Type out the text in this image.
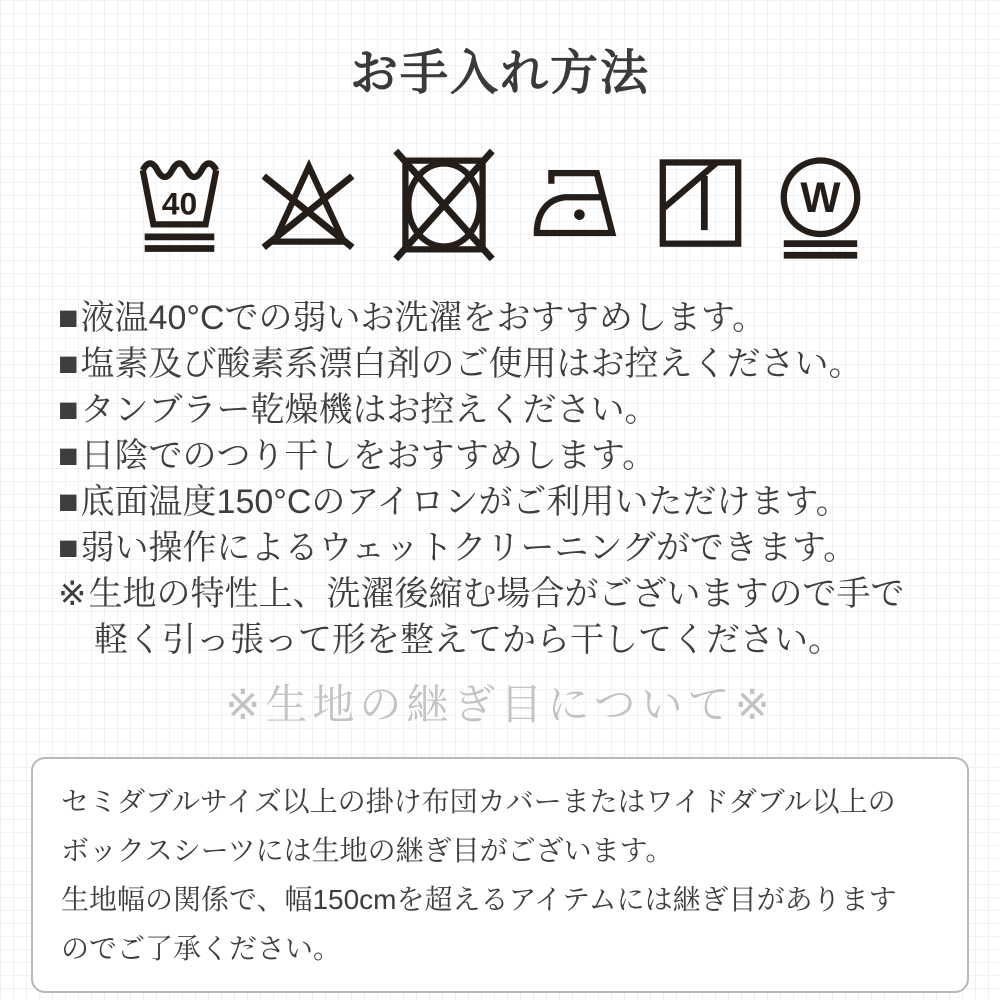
お手入れ方法
40	W
■液温40°Cでの弱いお洗濯をおすすめします。
■塩素及び酸素系漂白剤のご使用はお控えください。
■タンブラー乾燥機はお控えください。
■日陰でのつり干しをおすすめします。
■底面温度150°Cのアイロンがご利用いただけます。
■弱い操作によるウェットクリーニングができます。
※生地の特性上、洗濯後縮む場合がございますので手で
軽く引っ張って形を整えてから干してください。
※生地の継ぎ目について※

セミダブルサイズ以上の掛け布団カバーまたはワイドダブル以上の

ボックスシーツには生地の継ぎ目がございます。

生地幅の関係で、幅150cmを超えるアイテムには継ぎ目があります

のでご了承ください。
